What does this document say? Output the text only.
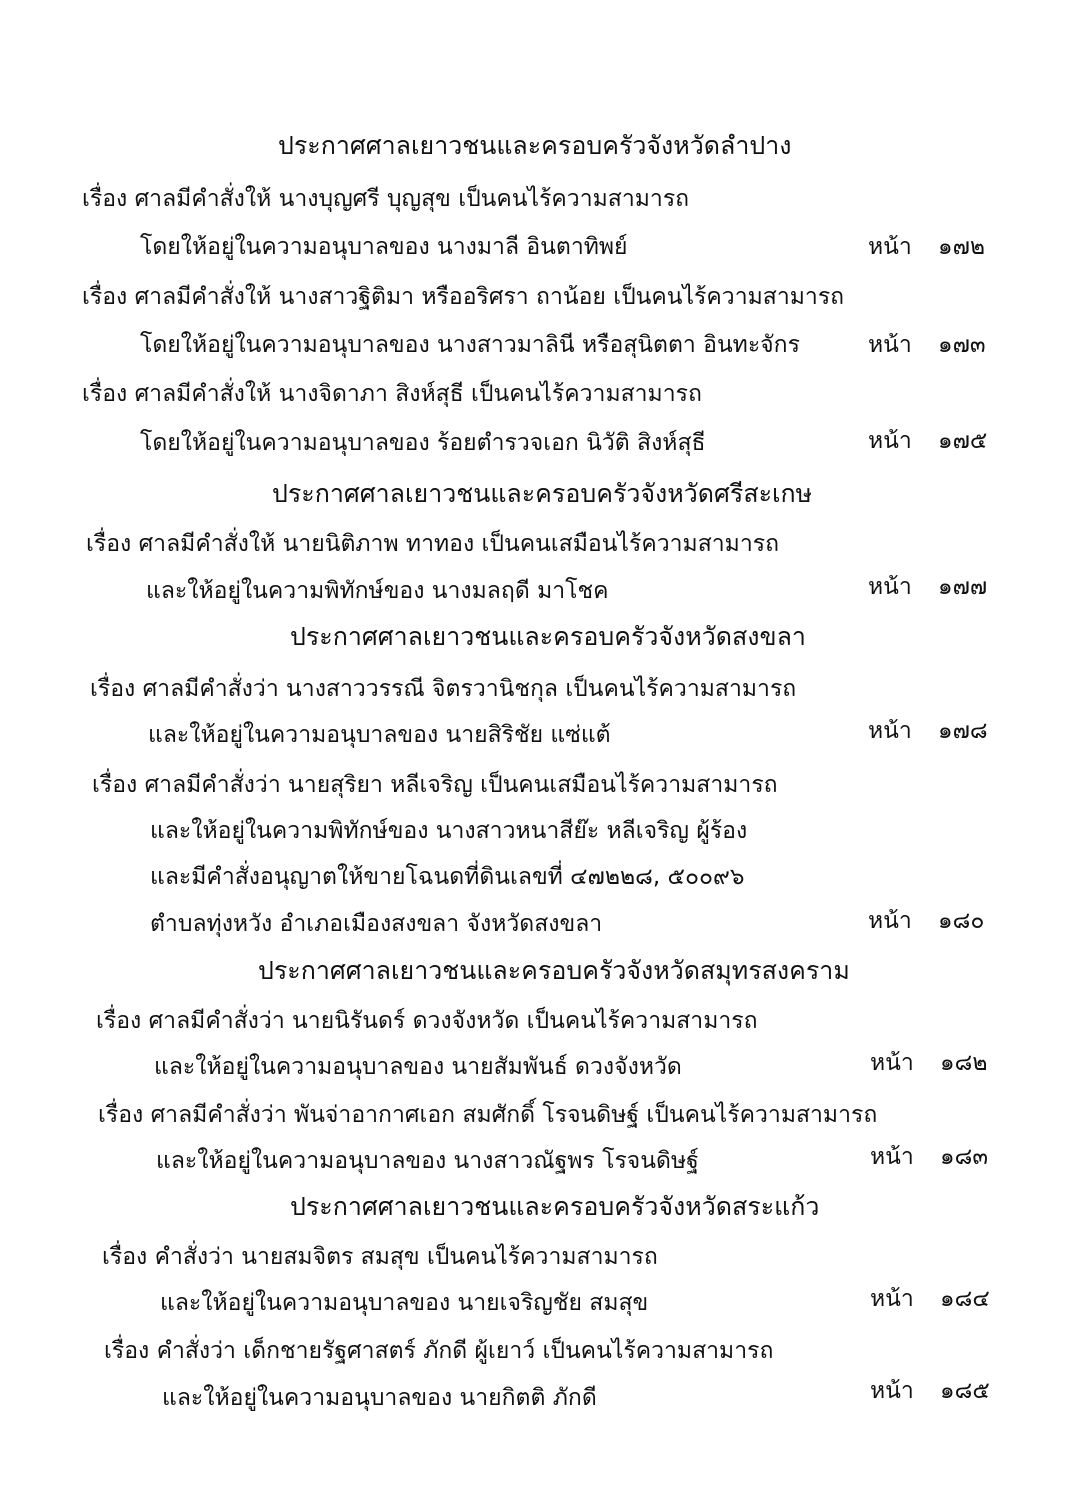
ประกาศศาลเยาวชนและครอบครัวจังหวัดลำปาง
เรื่อง ศาลมีคำสั่งให้ นางบุญศรี บุญสุข เป็นคนไร้ความสามารถ
โดยให้อยู่ในความอนุบาลของ นางมาลี อินตาทิพย์	หน้า ๑๗๒
เรื่อง ศาลมีคำสั่งให้ นางสาวฐิติมา หรืออริศรา ถาน้อย เป็นคนไร้ความสามารถ
โดยให้อยู่ในความอนุบาลของ นางสาวมาลินี หรือสุนิตตา อินทะจักร	หน้า ๑๗๓
เรื่อง ศาลมีคำสั่งให้ นางจิดาภา สิงห์สุธี เป็นคนไร้ความสามารถ
โดยให้อยู่ในความอนุบาลของ ร้อยตำรวจเอก นิวัติ สิงห์สุธี	หน้า ๑๗๕
ประกาศศาลเยาวชนและครอบครัวจังหวัดศรีสะเกษ
เรื่อง ศาลมีคำสั่งให้ นายนิติภาพ ทาทอง เป็นคนเสมือนไร้ความสามารถ
และให้อยู่ในความพิทักษ์ของ นางมลฤดี มาโชค	หน้า ๑๗๗
ประกาศศาลเยาวชนและครอบครัวจังหวัดสงขลา
เรื่อง ศาลมีคำสั่งว่า นางสาววรรณี จิตรวานิชกุล เป็นคนไร้ความสามารถ
และให้อยู่ในความอนุบาลของ นายสิริชัย แซ่แต้	หน้า ๑๗๘
เรื่อง ศาลมีคำสั่งว่า นายสุริยา หลีเจริญ เป็นคนเสมือนไร้ความสามารถ
และให้อยู่ในความพิทักษ์ของ นางสาวหนาสีย๊ะ หลีเจริญ ผู้ร้อง
และมีคำสั่งอนุญาตให้ขายโฉนดที่ดินเลขที่ ๔๗๒๒๘, ๕๐๐๙๖
ตำบลทุ่งหวัง อำเภอเมืองสงขลา จังหวัดสงขลา	หน้า ๑๘๐
ประกาศศาลเยาวชนและครอบครัวจังหวัดสมุทรสงคราม
เรื่อง ศาลมีคำสั่งว่า นายนิรันดร์ ดวงจังหวัด เป็นคนไร้ความสามารถ
และให้อยู่ในความอนุบาลของ นายสัมพันธ์ ดวงจังหวัด	หน้า ๑๘๒
เรื่อง ศาลมีคำสั่งว่า พันจ่าอากาศเอก สมศักดิ์ โรจนดิษฐ์ เป็นคนไร้ความสามารถ
และให้อยู่ในความอนุบาลของ นางสาวณัฐพร โรจนดิษฐ์	หน้า ๑๘๓
ประกาศศาลเยาวชนและครอบครัวจังหวัดสระแก้ว
เรื่อง คำสั่งว่า นายสมจิตร สมสุข เป็นคนไร้ความสามารถ
และให้อยู่ในความอนุบาลของ นายเจริญชัย สมสุข	หน้า ๑๘๔
เรื่อง คำสั่งว่า เด็กชายรัฐศาสตร์ ภักดี ผู้เยาว์ เป็นคนไร้ความสามารถ
และให้อยู่ในความอนุบาลของ นายกิตติ ภักดี	หน้า ๑๘๕
